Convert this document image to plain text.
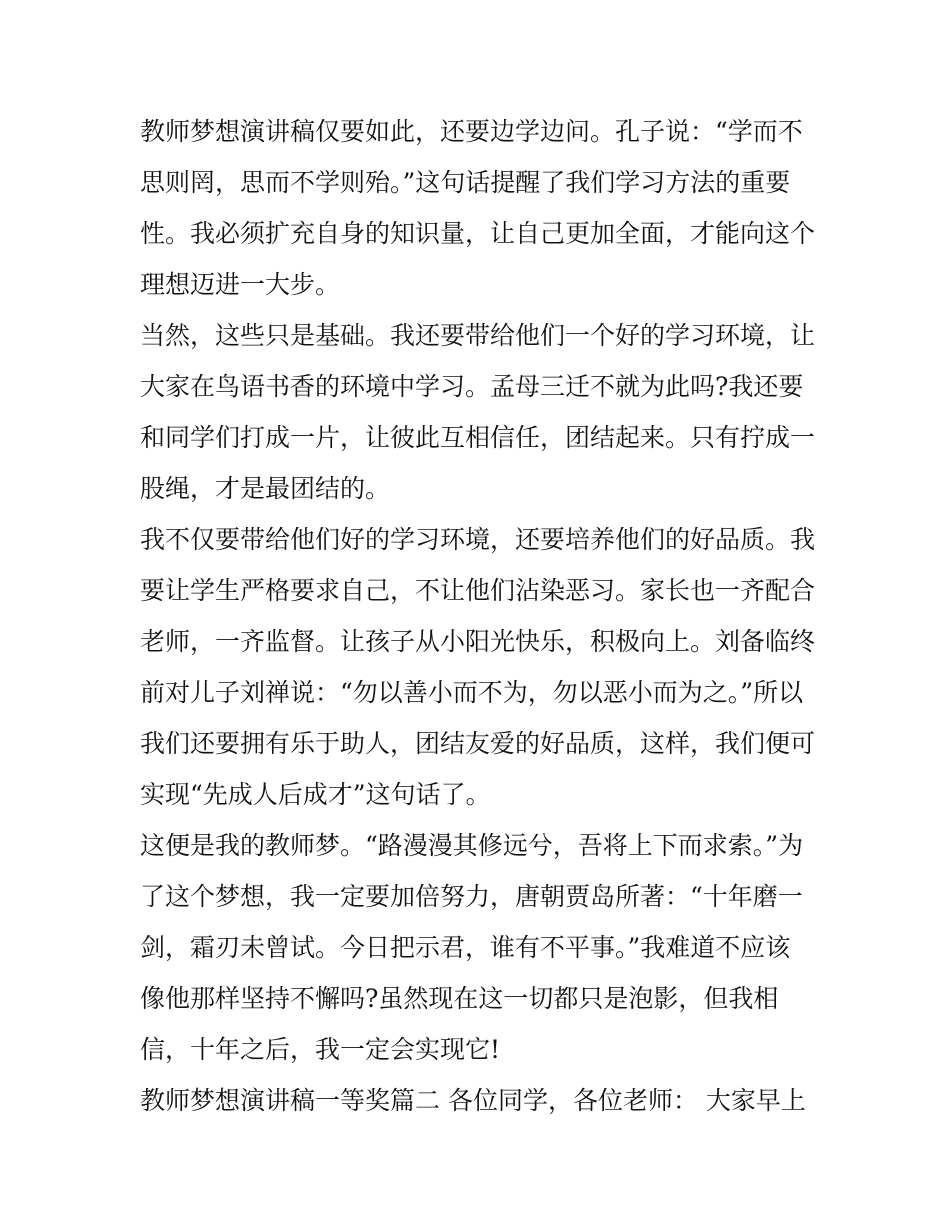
教师梦想演讲稿仅要如此，还要边学边问。孔子说：“学而不
思则罔，思而不学则殆。”这句话提醒了我们学习方法的重要
性。我必须扩充自身的知识量，让自己更加全面，才能向这个
理想迈进一大步。
当然，这些只是基础。我还要带给他们一个好的学习环境，让
大家在鸟语书香的环境中学习。孟母三迁不就为此吗?我还要
和同学们打成一片，让彼此互相信任，团结起来。只有拧成一
股绳，才是最团结的。
我不仅要带给他们好的学习环境，还要培养他们的好品质。我
要让学生严格要求自己，不让他们沾染恶习。家长也一齐配合
老师，一齐监督。让孩子从小阳光快乐，积极向上。刘备临终
前对儿子刘禅说：“勿以善小而不为，勿以恶小而为之。”所以
我们还要拥有乐于助人，团结友爱的好品质，这样，我们便可
实现“先成人后成才”这句话了。
这便是我的教师梦。“路漫漫其修远兮，吾将上下而求索。”为
了这个梦想，我一定要加倍努力，唐朝贾岛所著：“十年磨一
剑，霜刃未曾试。今日把示君，谁有不平事。”我难道不应该
像他那样坚持不懈吗?虽然现在这一切都只是泡影，但我相
信，十年之后，我一定会实现它!
教师梦想演讲稿一等奖篇二 各位同学，各位老师： 大家早上
